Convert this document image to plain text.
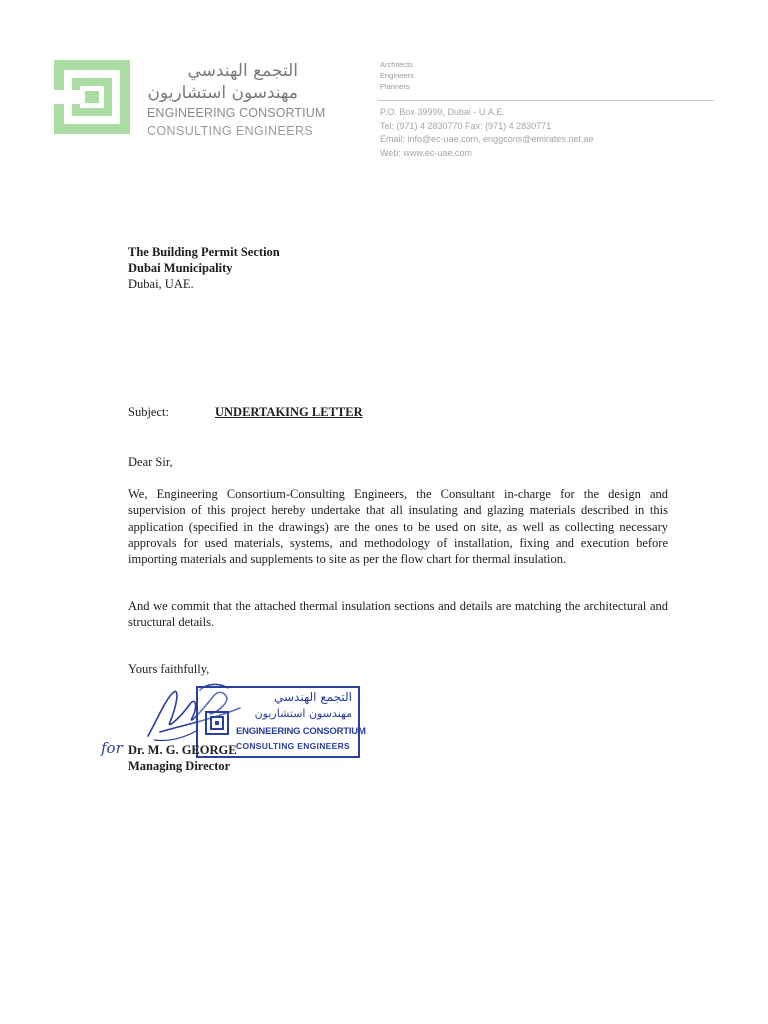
التجمع الهندسي
مهندسون استشاريون
ENGINEERING CONSORTIUM
CONSULTING ENGINEERS
Architects
Engineers
Planners
P.O. Box 39999, Dubai - U.A.E.
Tel: (971) 4 2830770 Fax: (971) 4 2830771
Email: info@ec-uae.com, enggcons@emirates.net.ae
Web: www.ec-uae.com
The Building Permit Section
Dubai Municipality
Dubai, UAE.
Subject:	UNDERTAKING LETTER
Dear Sir,

We, Engineering Consortium-Consulting Engineers, the Consultant in-charge for the design and supervision of this project hereby undertake that all insulating and glazing materials described in this application (specified in the drawings) are the ones to be used on site, as well as collecting necessary approvals for used materials, systems, and methodology of installation, fixing and execution before importing materials and supplements to site as per the flow chart for thermal insulation.

And we commit that the attached thermal insulation sections and details are matching the architectural and structural details.

Yours faithfully,
التجمع الهندسي
مهندسون استشاريون
ENGINEERING CONSORTIUM
CONSULTING ENGINEERS
for Dr. M. G. GEORGE
Managing Director
